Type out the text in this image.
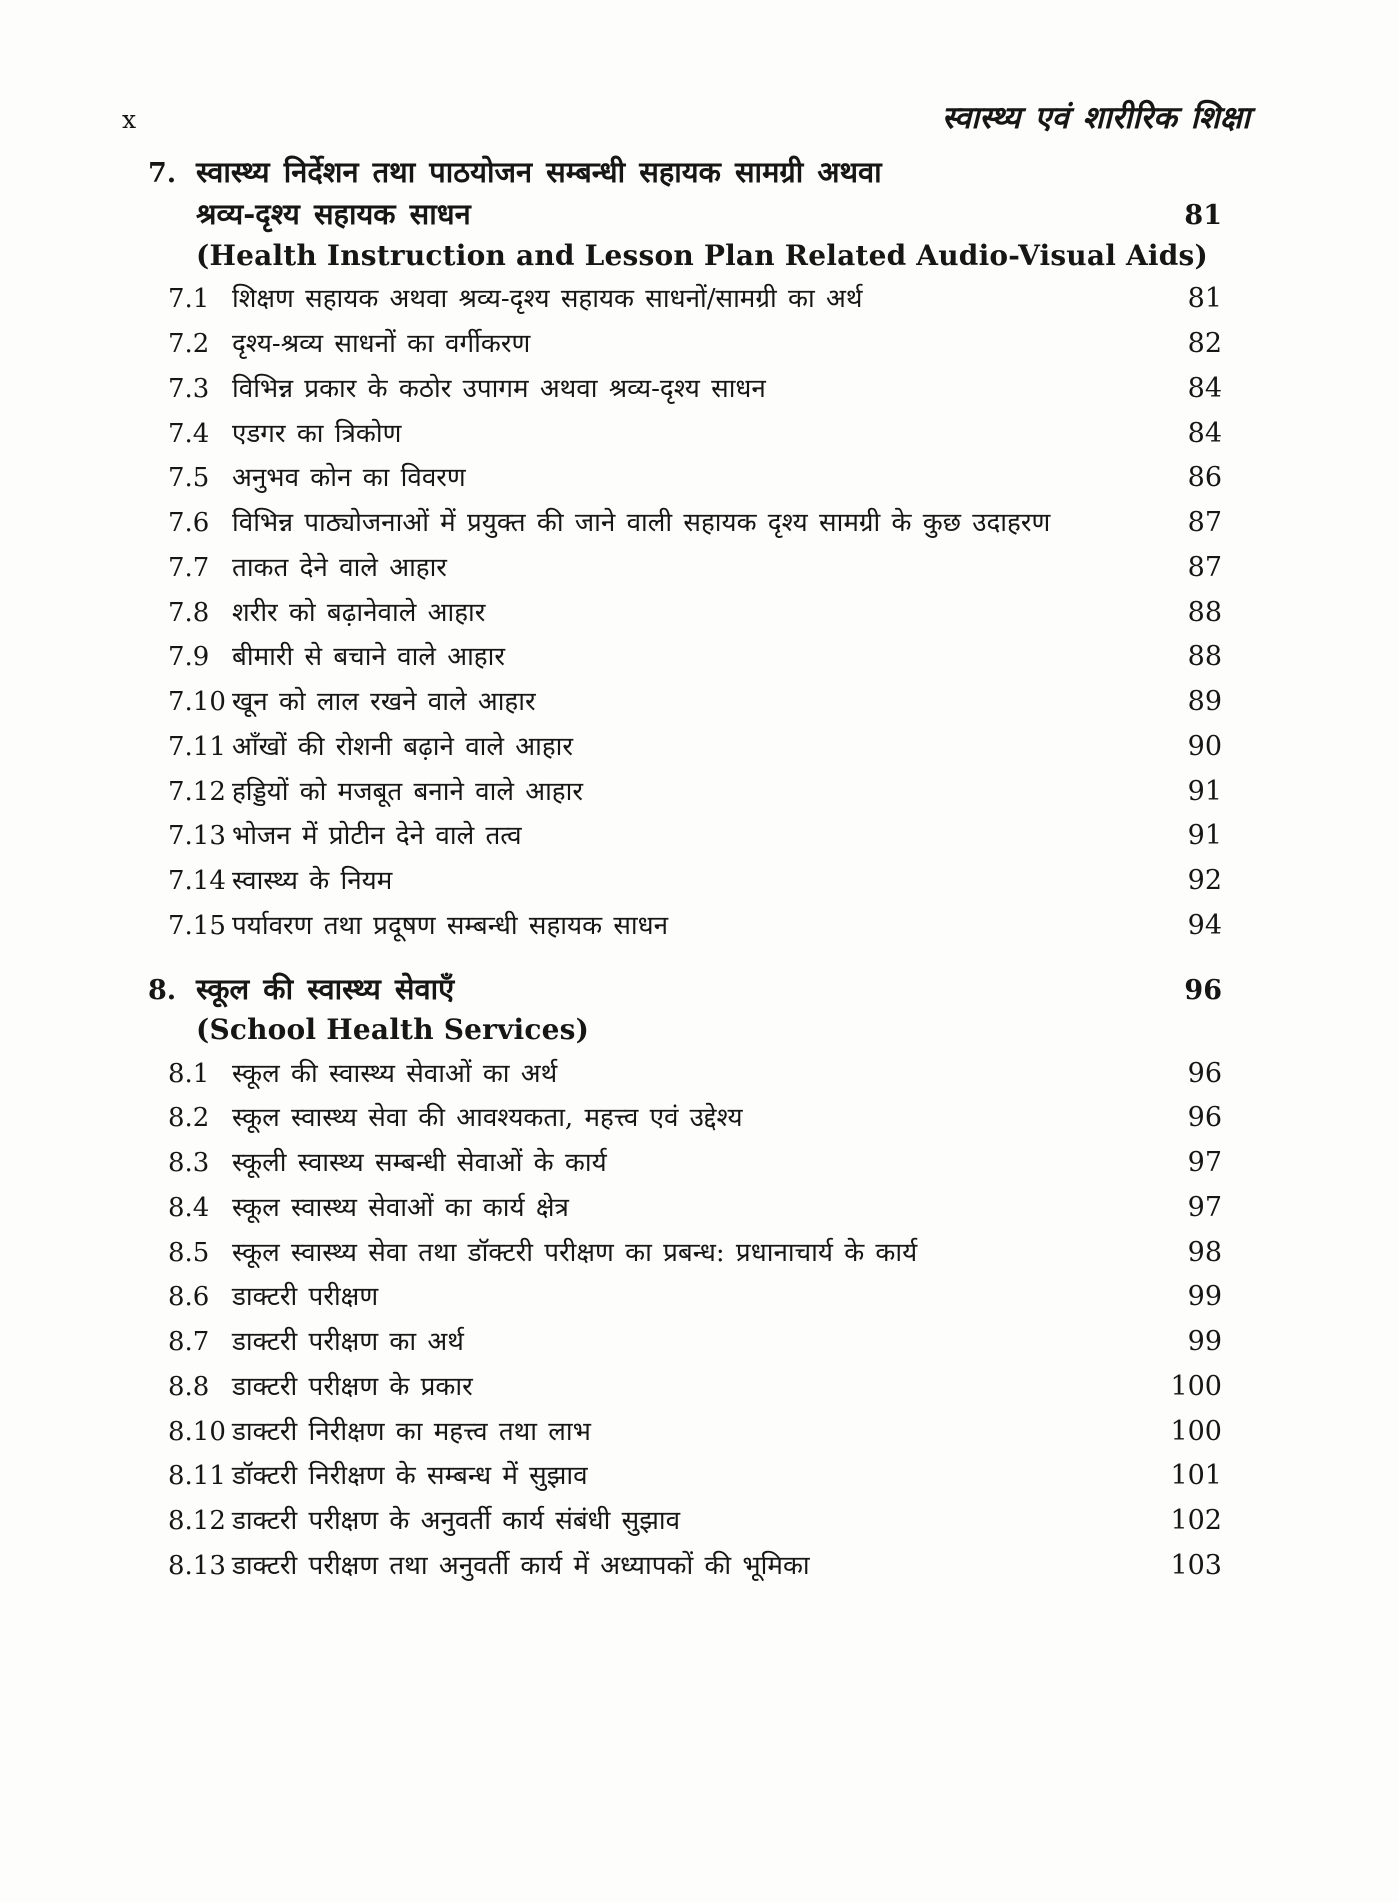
x	स्वास्थ्य एवं शारीरिक शिक्षा
7. स्वास्थ्य निर्देशन तथा पाठयोजन सम्बन्धी सहायक सामग्री अथवा
श्रव्य-दृश्य सहायक साधन	81
(Health Instruction and Lesson Plan Related Audio-Visual Aids)
7.1 शिक्षण सहायक अथवा श्रव्य-दृश्य सहायक साधनों/सामग्री का अर्थ	81
7.2 दृश्य-श्रव्य साधनों का वर्गीकरण	82
7.3 विभिन्न प्रकार के कठोर उपागम अथवा श्रव्य-दृश्य साधन	84
7.4 एडगर का त्रिकोण	84
7.5 अनुभव कोन का विवरण	86
7.6 विभिन्न पाठ्योजनाओं में प्रयुक्त की जाने वाली सहायक दृश्य सामग्री के कुछ उदाहरण	87
7.7 ताकत देने वाले आहार	87
7.8 शरीर को बढ़ानेवाले आहार	88
7.9 बीमारी से बचाने वाले आहार	88
7.10 खून को लाल रखने वाले आहार	89
7.11 आँखों की रोशनी बढ़ाने वाले आहार	90
7.12 हड्डियों को मजबूत बनाने वाले आहार	91
7.13 भोजन में प्रोटीन देने वाले तत्व	91
7.14 स्वास्थ्य के नियम	92
7.15 पर्यावरण तथा प्रदूषण सम्बन्धी सहायक साधन	94
8. स्कूल की स्वास्थ्य सेवाएँ	96
(School Health Services)
8.1 स्कूल की स्वास्थ्य सेवाओं का अर्थ	96
8.2 स्कूल स्वास्थ्य सेवा की आवश्यकता, महत्त्व एवं उद्देश्य	96
8.3 स्कूली स्वास्थ्य सम्बन्धी सेवाओं के कार्य	97
8.4 स्कूल स्वास्थ्य सेवाओं का कार्य क्षेत्र	97
8.5 स्कूल स्वास्थ्य सेवा तथा डॉक्टरी परीक्षण का प्रबन्ध: प्रधानाचार्य के कार्य	98
8.6 डाक्टरी परीक्षण	99
8.7 डाक्टरी परीक्षण का अर्थ	99
8.8 डाक्टरी परीक्षण के प्रकार	100
8.10 डाक्टरी निरीक्षण का महत्त्व तथा लाभ	100
8.11 डॉक्टरी निरीक्षण के सम्बन्ध में सुझाव	101
8.12 डाक्टरी परीक्षण के अनुवर्ती कार्य संबंधी सुझाव	102
8.13 डाक्टरी परीक्षण तथा अनुवर्ती कार्य में अध्यापकों की भूमिका	103
